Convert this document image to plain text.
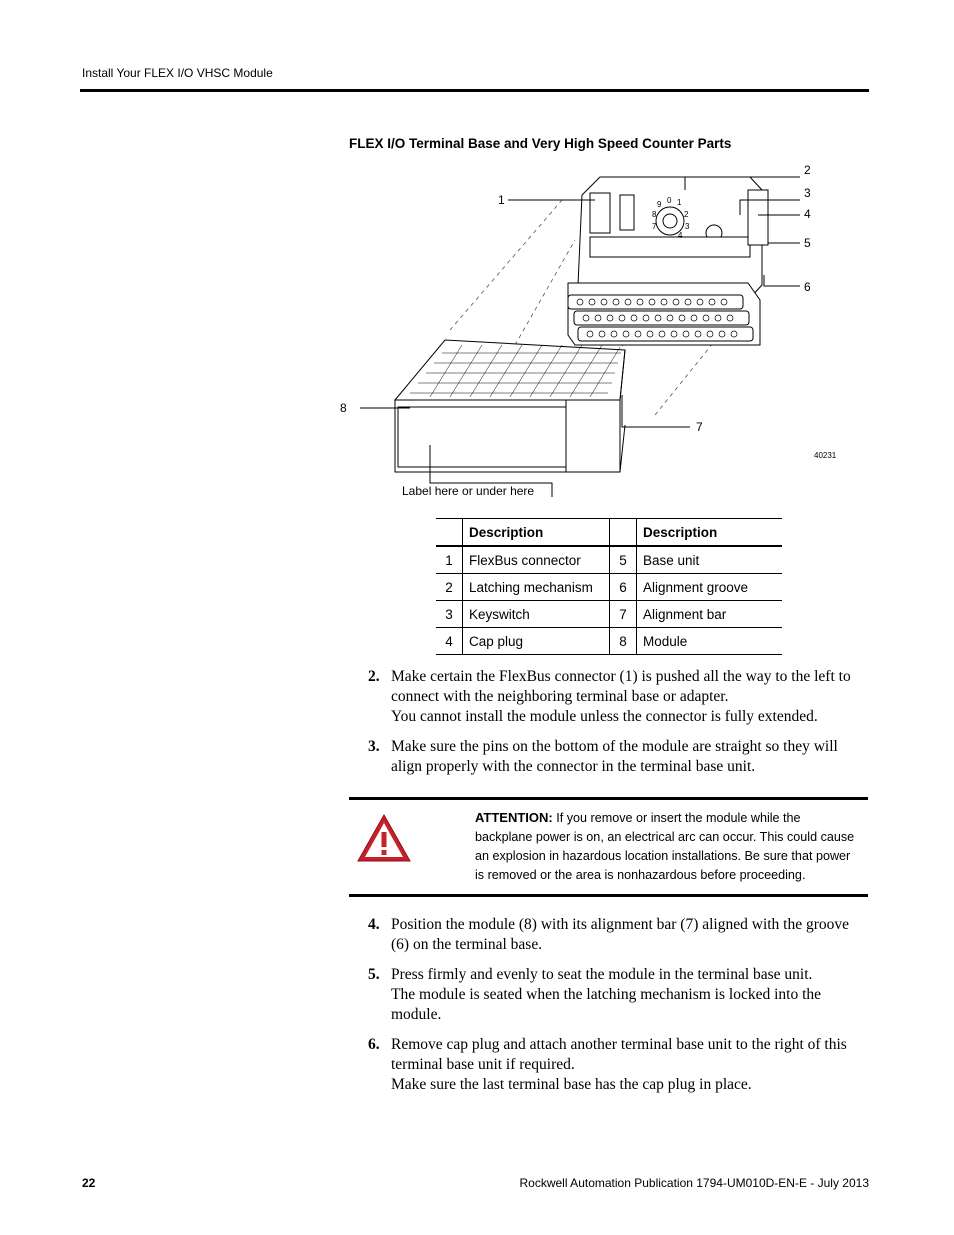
Install Your FLEX I/O VHSC Module
FLEX I/O Terminal Base and Very High Speed Counter Parts
9 0 1
2
3
4
7
8
1
2
3
4
5
6
7
8
Label here or under here
40231
	Description		Description
1	FlexBus connector	5	Base unit
2	Latching mechanism	6	Alignment groove
3	Keyswitch	7	Alignment bar
4	Cap plug	8	Module
2. Make certain the FlexBus connector (1) is pushed all the way to the left to connect with the neighboring terminal base or adapter.
You cannot install the module unless the connector is fully extended.
3. Make sure the pins on the bottom of the module are straight so they will align properly with the connector in the terminal base unit.
ATTENTION: If you remove or insert the module while the backplane power is on, an electrical arc can occur. This could cause an explosion in hazardous location installations. Be sure that power is removed or the area is nonhazardous before proceeding.
4. Position the module (8) with its alignment bar (7) aligned with the groove (6) on the terminal base.
5. Press firmly and evenly to seat the module in the terminal base unit.
The module is seated when the latching mechanism is locked into the module.
6. Remove cap plug and attach another terminal base unit to the right of this terminal base unit if required.
Make sure the last terminal base has the cap plug in place.
22	Rockwell Automation Publication 1794-UM010D-EN-E - July 2013
